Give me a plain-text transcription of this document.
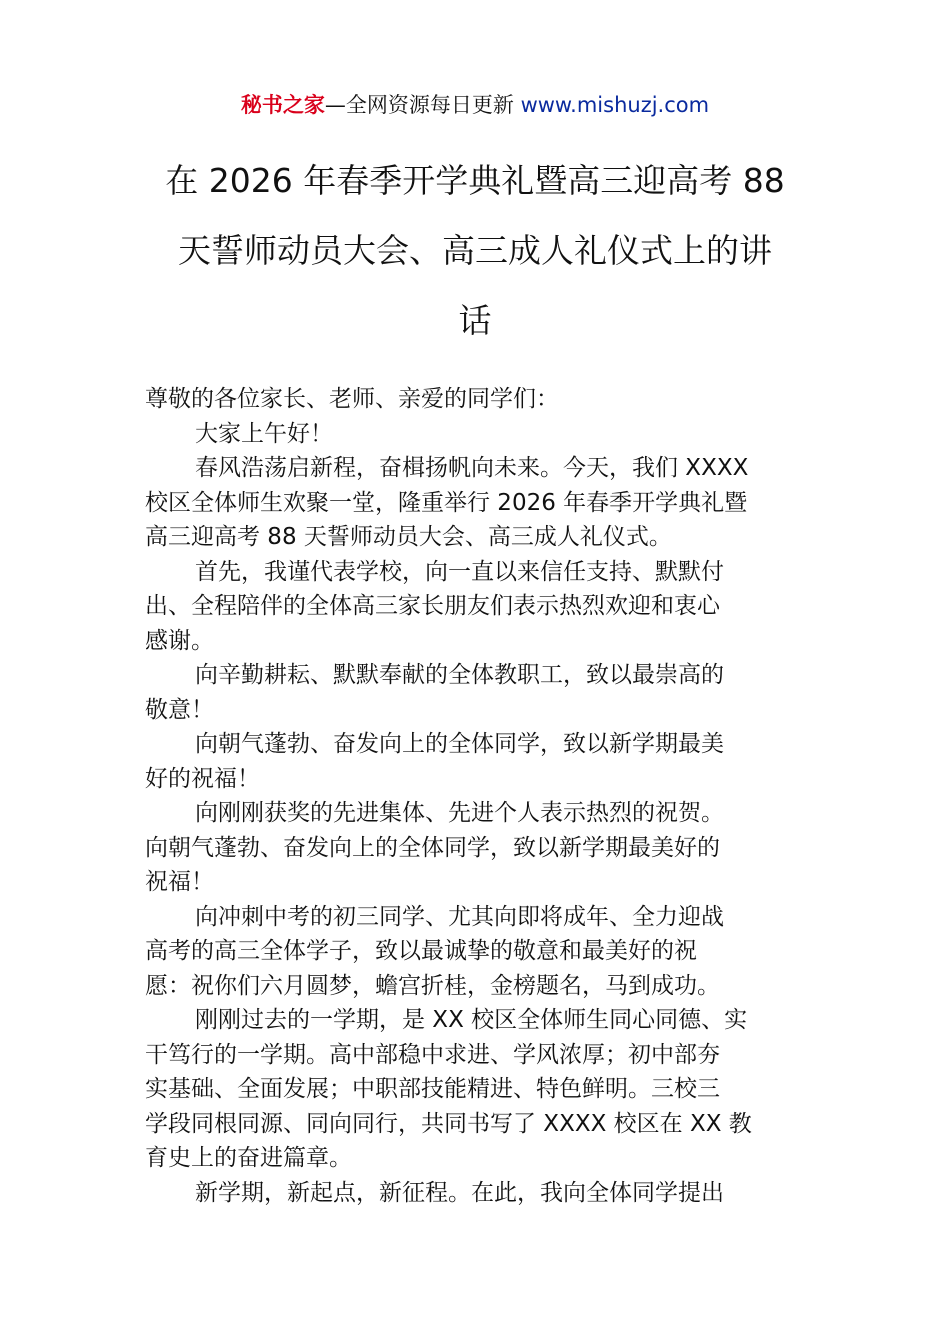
秘书之家—全网资源每日更新 www.mishuzj.com
在 2026 年春季开学典礼暨高三迎高考 88
天誓师动员大会、高三成人礼仪式上的讲
话
尊敬的各位家长、老师、亲爱的同学们：
大家上午好！
春风浩荡启新程，奋楫扬帆向未来。今天，我们 XXXX
校区全体师生欢聚一堂，隆重举行 2026 年春季开学典礼暨
高三迎高考 88 天誓师动员大会、高三成人礼仪式。
首先，我谨代表学校，向一直以来信任支持、默默付
出、全程陪伴的全体高三家长朋友们表示热烈欢迎和衷心
感谢。
向辛勤耕耘、默默奉献的全体教职工，致以最崇高的
敬意！
向朝气蓬勃、奋发向上的全体同学，致以新学期最美
好的祝福！
向刚刚获奖的先进集体、先进个人表示热烈的祝贺。
向朝气蓬勃、奋发向上的全体同学，致以新学期最美好的
祝福！
向冲刺中考的初三同学、尤其向即将成年、全力迎战
高考的高三全体学子，致以最诚挚的敬意和最美好的祝
愿：祝你们六月圆梦，蟾宫折桂，金榜题名，马到成功。
刚刚过去的一学期，是 XX 校区全体师生同心同德、实
干笃行的一学期。高中部稳中求进、学风浓厚；初中部夯
实基础、全面发展；中职部技能精进、特色鲜明。三校三
学段同根同源、同向同行，共同书写了 XXXX 校区在 XX 教
育史上的奋进篇章。
新学期，新起点，新征程。在此，我向全体同学提出
